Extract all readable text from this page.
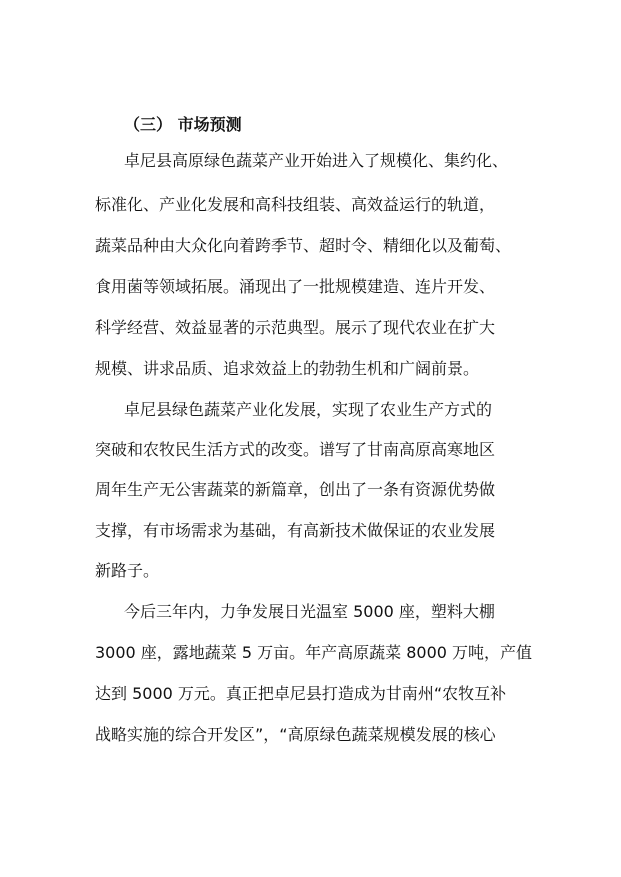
（三） 市场预测
卓尼县高原绿色蔬菜产业开始进入了规模化、集约化、
标准化、产业化发展和高科技组装、高效益运行的轨道，
蔬菜品种由大众化向着跨季节、超时令、精细化以及葡萄、
食用菌等领域拓展。涌现出了一批规模建造、连片开发、
科学经营、效益显著的示范典型。展示了现代农业在扩大
规模、讲求品质、追求效益上的勃勃生机和广阔前景。
卓尼县绿色蔬菜产业化发展，实现了农业生产方式的
突破和农牧民生活方式的改变。谱写了甘南高原高寒地区
周年生产无公害蔬菜的新篇章，创出了一条有资源优势做
支撑，有市场需求为基础，有高新技术做保证的农业发展
新路子。
今后三年内，力争发展日光温室 5000 座，塑料大棚
3000 座，露地蔬菜 5 万亩。年产高原蔬菜 8000 万吨，产值
达到 5000 万元。真正把卓尼县打造成为甘南州“农牧互补
战略实施的综合开发区”，“高原绿色蔬菜规模发展的核心
